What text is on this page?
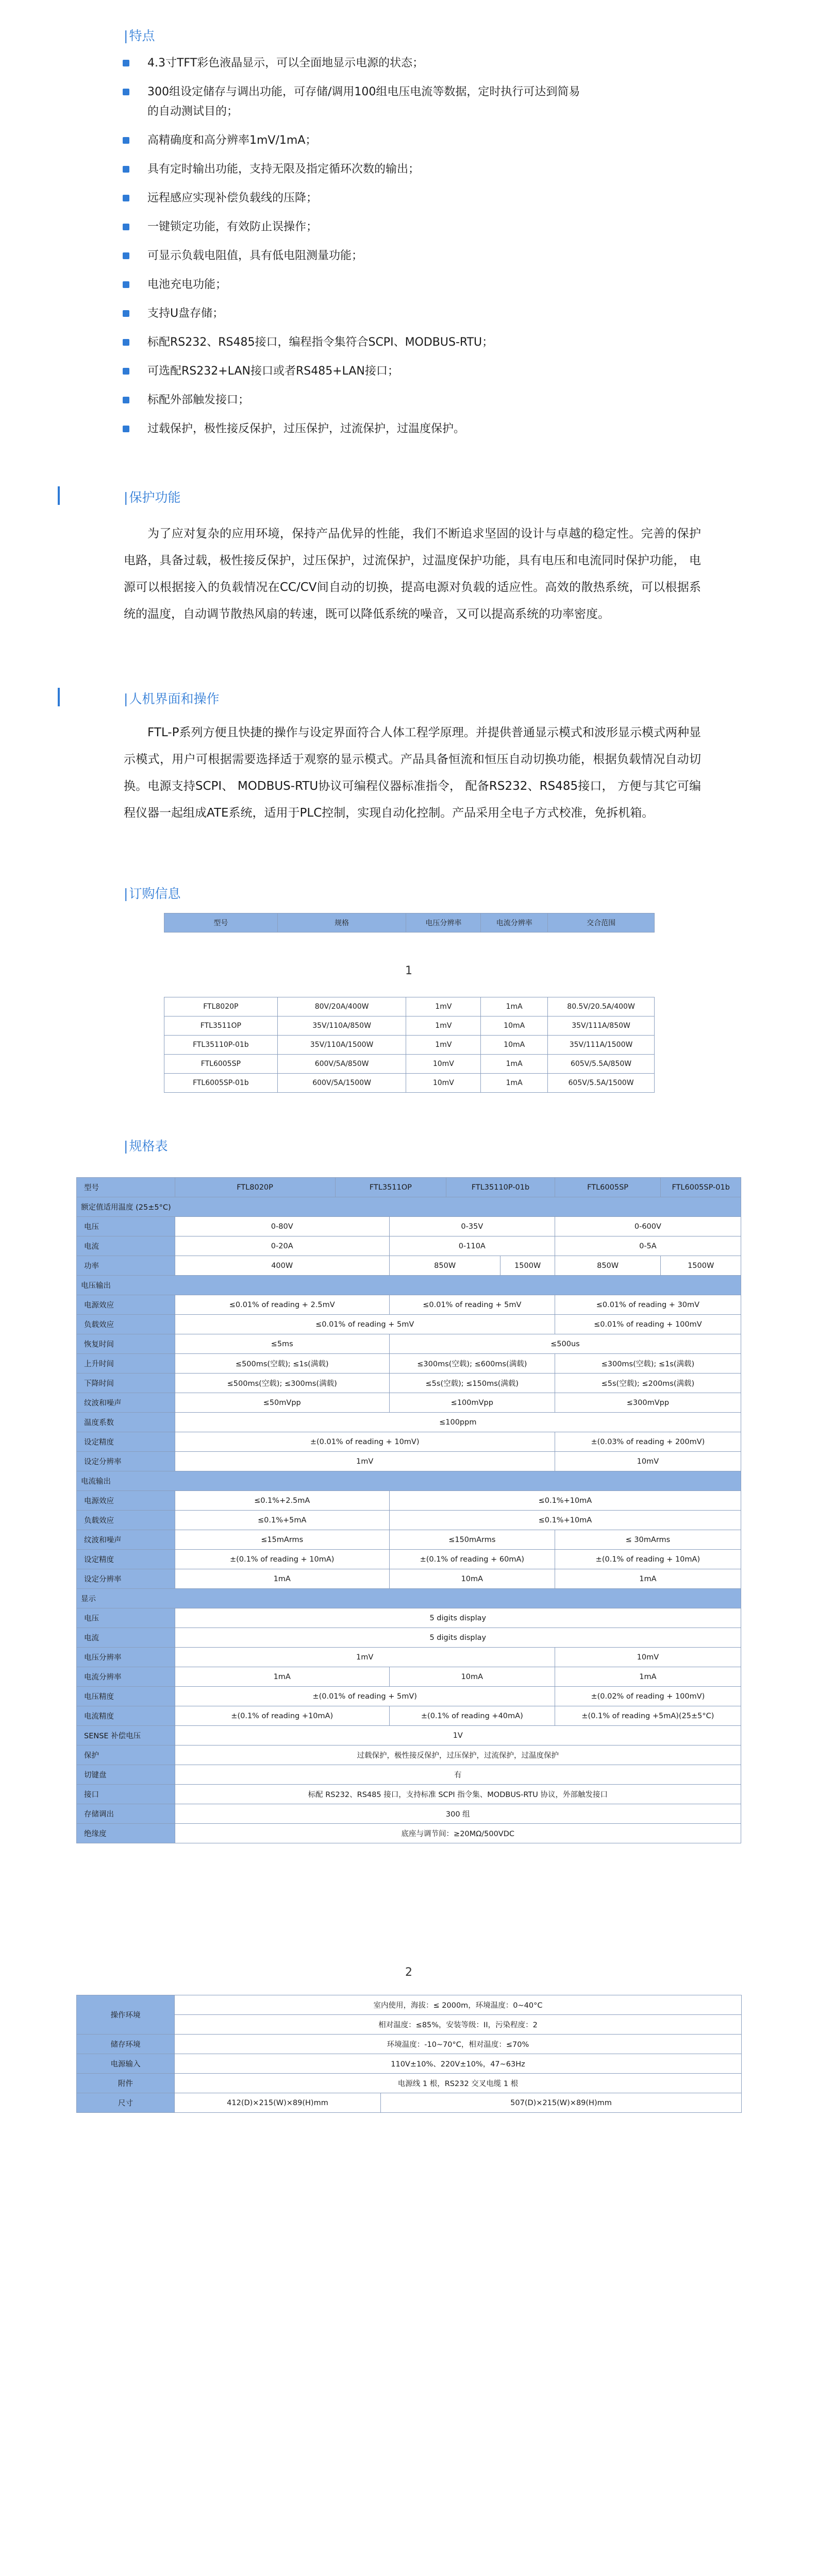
|特点
4.3寸TFT彩色液晶显示，可以全面地显示电源的状态；
300组设定储存与调出功能，可存储/调用100组电压电流等数据，定时执行可达到简易的自动测试目的；
高精确度和高分辨率1mV/1mA；
具有定时输出功能，支持无限及指定循环次数的输出；
远程感应实现补偿负载线的压降；
一键锁定功能，有效防止误操作；
可显示负载电阻值，具有低电阻测量功能；
电池充电功能；
支持U盘存储；
标配RS232、RS485接口，编程指令集符合SCPI、MODBUS-RTU；
可选配RS232+LAN接口或者RS485+LAN接口；
标配外部触发接口；
过载保护，极性接反保护，过压保护，过流保护，过温度保护。
|保护功能
为了应对复杂的应用环境，保持产品优异的性能，我们不断追求坚固的设计与卓越的稳定性。完善的保护电路，具备过载，极性接反保护，过压保护，过流保护，过温度保护功能，具有电压和电流同时保护功能， 电源可以根据接入的负载情况在CC/CV间自动的切换，提高电源对负载的适应性。高效的散热系统，可以根据系统的温度，自动调节散热风扇的转速，既可以降低系统的噪音，又可以提高系统的功率密度。
|人机界面和操作
FTL-P系列方便且快捷的操作与设定界面符合人体工程学原理。并提供普通显示模式和波形显示模式两种显示模式，用户可根据需要选择适于观察的显示模式。产品具备恒流和恒压自动切换功能，根据负载情况自动切换。电源支持SCPI、 MODBUS-RTU协议可编程仪器标准指令， 配备RS232、RS485接口， 方便与其它可编程仪器一起组成ATE系统，适用于PLC控制，实现自动化控制。产品采用全电子方式校准，免拆机箱。
|订购信息
型号	规格	电压分辨率	电流分辨率	交合范围
1
FTL8020P	80V/20A/400W	1mV	1mA	80.5V/20.5A/400W
FTL3511OP	35V/110A/850W	1mV	10mA	35V/111A/850W
FTL35110P-01b	35V/110A/1500W	1mV	10mA	35V/111A/1500W
FTL6005SP	600V/5A/850W	10mV	1mA	605V/5.5A/850W
FTL6005SP-01b	600V/5A/1500W	10mV	1mA	605V/5.5A/1500W
|规格表
型号	FTL8020P	FTL3511OP		FTL35110P-01b		FTL6005SP	FTL6005SP-01b
额定值适用温度 (25±5°C)							
电压	0-80V		0-35V			0-600V	
电流	0-20A		0-110A			0-5A	
功率	400W		850W		1500W	850W	1500W
电压输出							
电源效应	≤0.01% of reading + 2.5mV		≤0.01% of reading + 5mV			≤0.01% of reading + 30mV	
负载效应	≤0.01% of reading + 5mV					≤0.01% of reading + 100mV	
恢复时间	≤5ms		≤500us				
上升时间	≤500ms(空载); ≤1s(满载)		≤300ms(空载); ≤600ms(满载)			≤300ms(空载); ≤1s(满载)	
下降时间	≤500ms(空载); ≤300ms(满载)		≤5s(空载); ≤150ms(满载)			≤5s(空载); ≤200ms(满载)	
纹波和噪声	≤50mVpp		≤100mVpp			≤300mVpp	
温度系数	≤100ppm						
设定精度	±(0.01% of reading + 10mV)					±(0.03% of reading + 200mV)	
设定分辨率	1mV					10mV	
电流输出							
电源效应	≤0.1%+2.5mA		≤0.1%+10mA				
负载效应	≤0.1%+5mA		≤0.1%+10mA				
纹波和噪声	≤15mArms		≤150mArms			≤ 30mArms	
设定精度	±(0.1% of reading + 10mA)		±(0.1% of reading + 60mA)			±(0.1% of reading + 10mA)	
设定分辨率	1mA		10mA			1mA	
显示							
电压	5 digits display						
电流	5 digits display						
电压分辨率	1mV					10mV	
电流分辨率	1mA		10mA			1mA	
电压精度	±(0.01% of reading + 5mV)					±(0.02% of reading + 100mV)	
电流精度	±(0.1% of reading +10mA)		±(0.1% of reading +40mA)			±(0.1% of reading +5mA)(25±5°C)	
SENSE 补偿电压	1V						
保护	过载保护，极性接反保护，过压保护，过流保护，过温度保护						
切键盘	有						
接口	标配 RS232、RS485 接口，支持标准 SCPI 指令集、MODBUS-RTU 协议，外部触发接口						
存储调出	300 组						
绝缘度	底座与调节间：≥20MΩ/500VDC						
2
操作环境	室内使用，海拔：≤ 2000m，环境温度：0~40°C	
	相对温度：≤85%，安装等级：II，污染程度：2	
储存环境	环境温度：-10~70°C，相对温度：≤70%	
电源输入	110V±10%、220V±10%，47~63Hz	
附件	电源线 1 根，RS232 交叉电缆 1 根	
尺寸	412(D)×215(W)×89(H)mm	507(D)×215(W)×89(H)mm
